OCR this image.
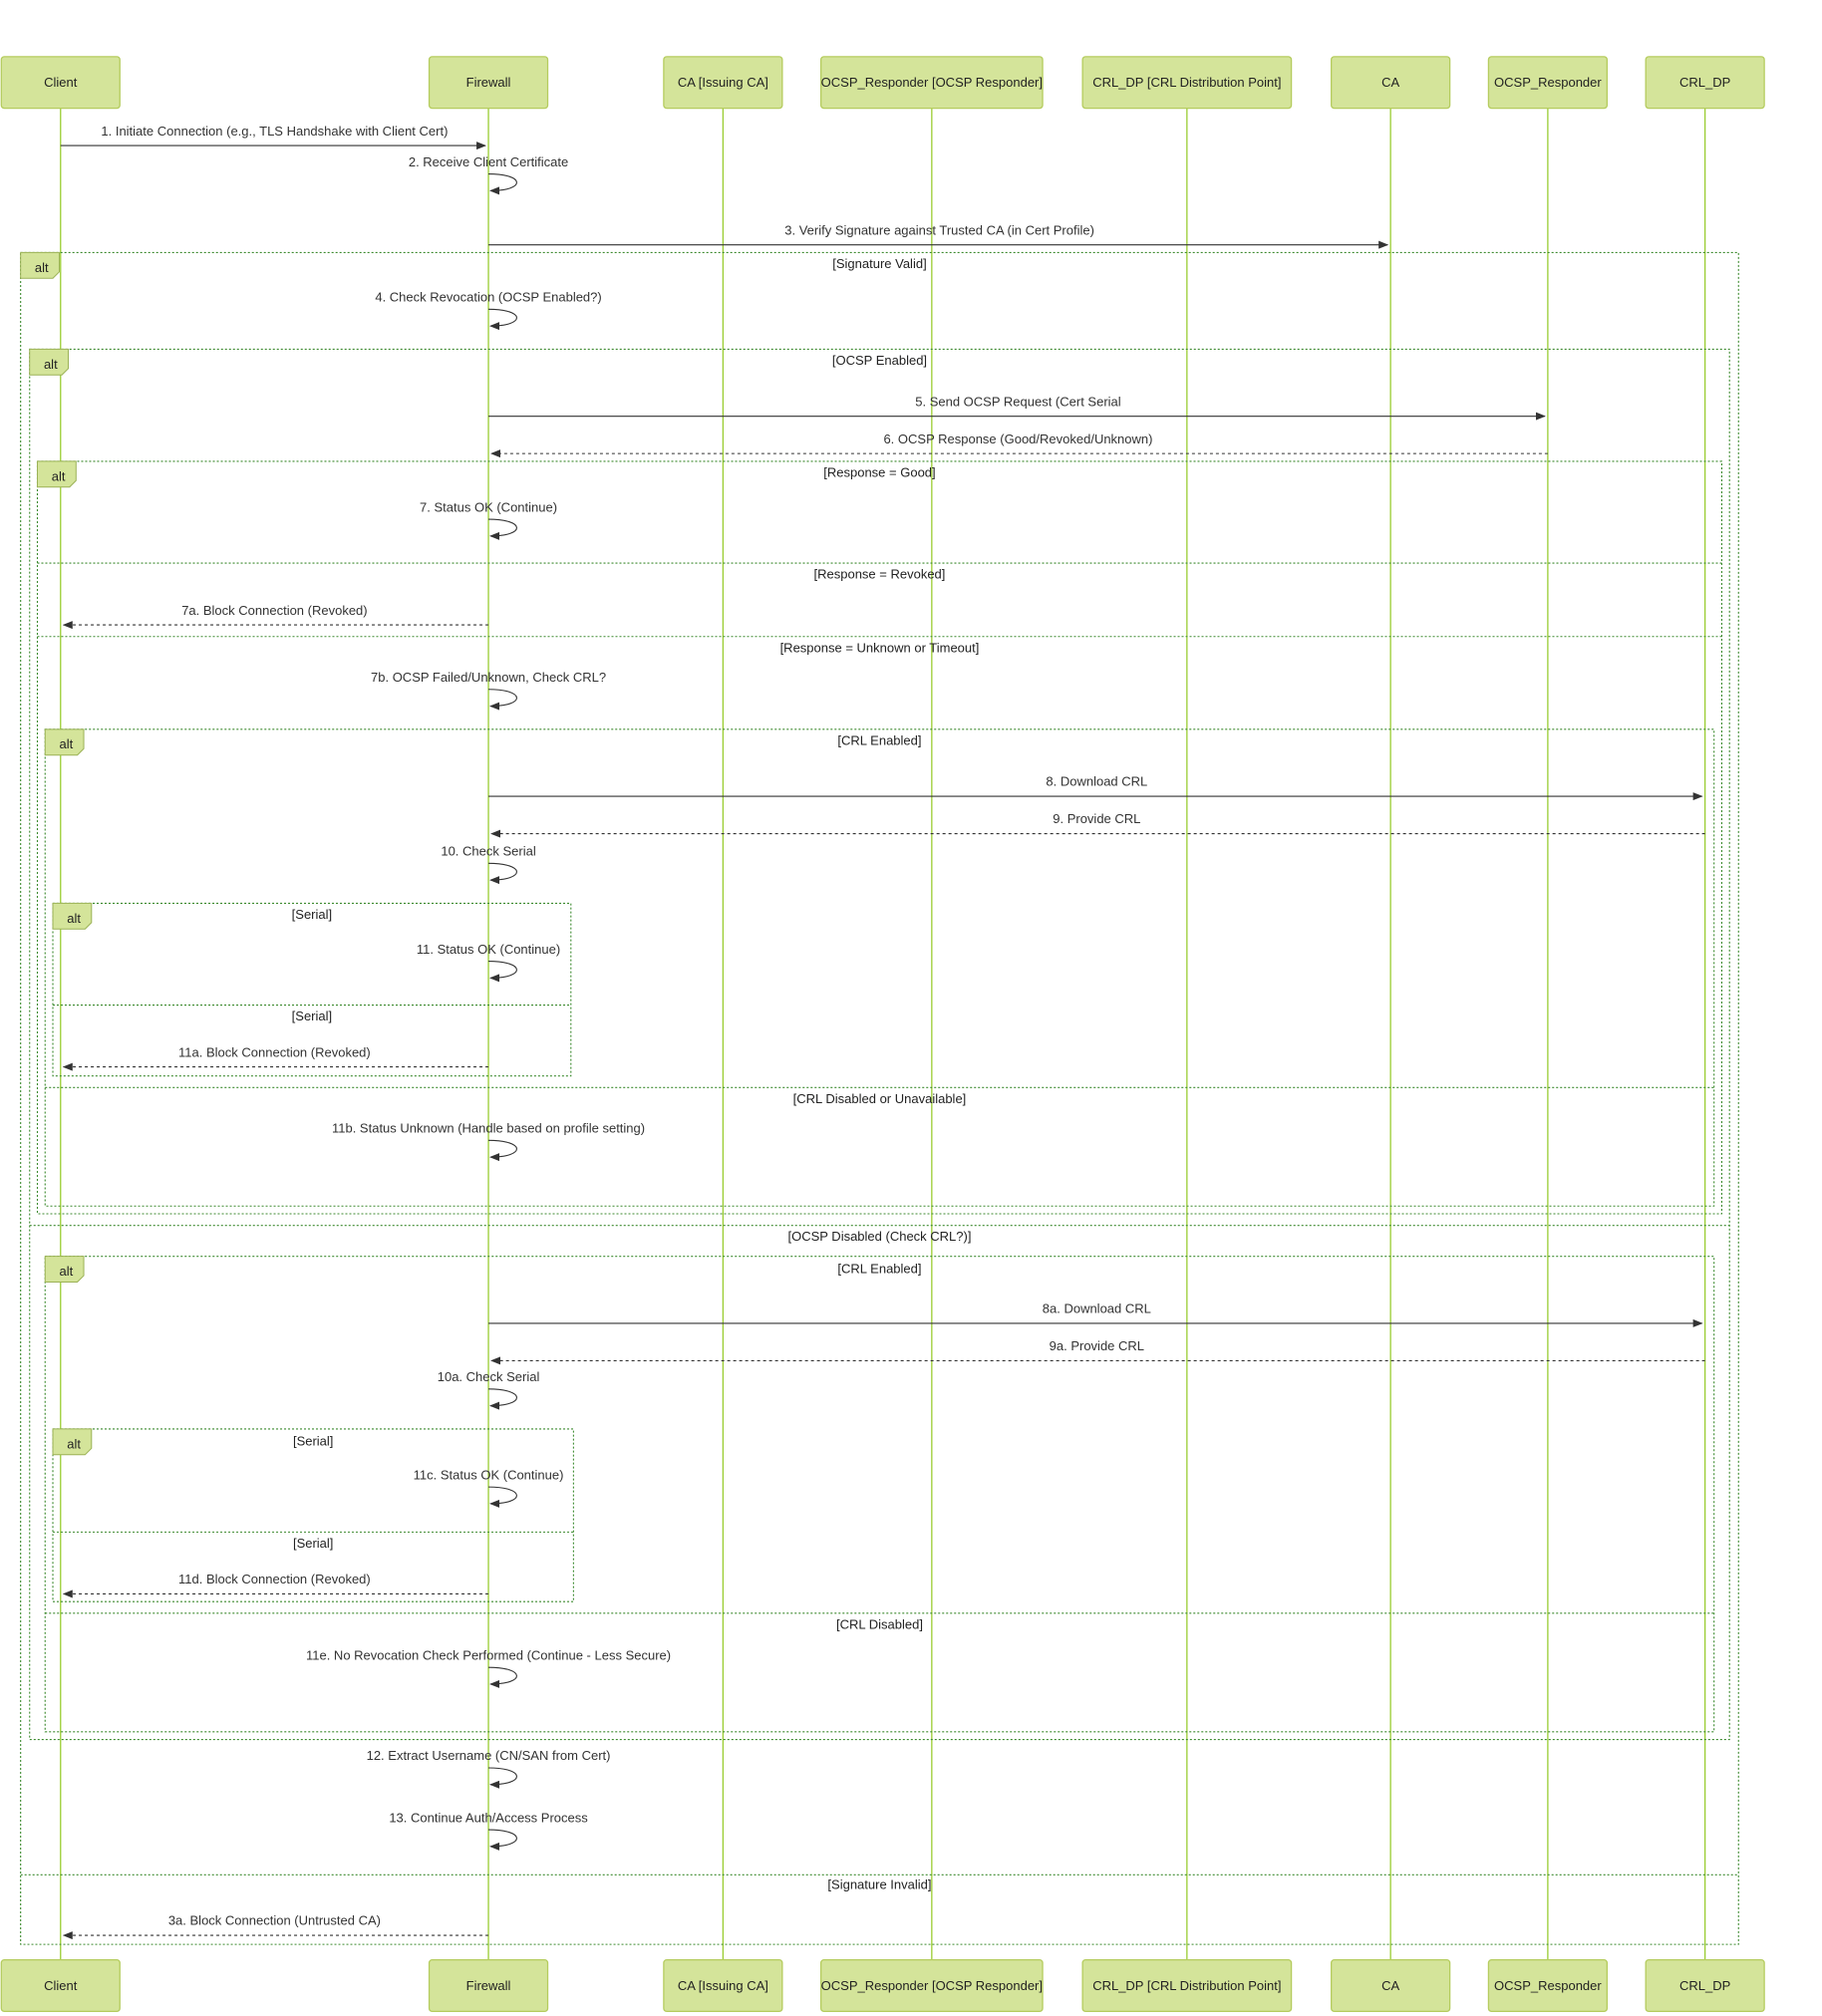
alt	[Signature Valid]
[Signature Invalid]
alt	[OCSP Enabled]
[OCSP Disabled (Check CRL?)]
alt	[Response = Good]
[Response = Revoked]
[Response = Unknown or Timeout]
alt	[CRL Enabled]
[CRL Disabled or Unavailable]
alt	[Serial]
[Serial]
alt	[CRL Enabled]
[CRL Disabled]
alt	[Serial]
[Serial]
1. Initiate Connection (e.g., TLS Handshake with Client Cert)
2. Receive Client Certificate
3. Verify Signature against Trusted CA (in Cert Profile)
4. Check Revocation (OCSP Enabled?)
5. Send OCSP Request (Cert Serial
6. OCSP Response (Good/Revoked/Unknown)
7. Status OK (Continue)
7a. Block Connection (Revoked)
7b. OCSP Failed/Unknown, Check CRL?
8. Download CRL
9. Provide CRL
10. Check Serial
11. Status OK (Continue)
11a. Block Connection (Revoked)
11b. Status Unknown (Handle based on profile setting)
8a. Download CRL
9a. Provide CRL
10a. Check Serial
11c. Status OK (Continue)
11d. Block Connection (Revoked)
11e. No Revocation Check Performed (Continue - Less Secure)
12. Extract Username (CN/SAN from Cert)
13. Continue Auth/Access Process
3a. Block Connection (Untrusted CA)
Client	Firewall	CA [Issuing CA]	OCSP_Responder [OCSP Responder]	CRL_DP [CRL Distribution Point]	CA	OCSP_Responder	CRL_DP
Client	Firewall	CA [Issuing CA]	OCSP_Responder [OCSP Responder]	CRL_DP [CRL Distribution Point]	CA	OCSP_Responder	CRL_DP
